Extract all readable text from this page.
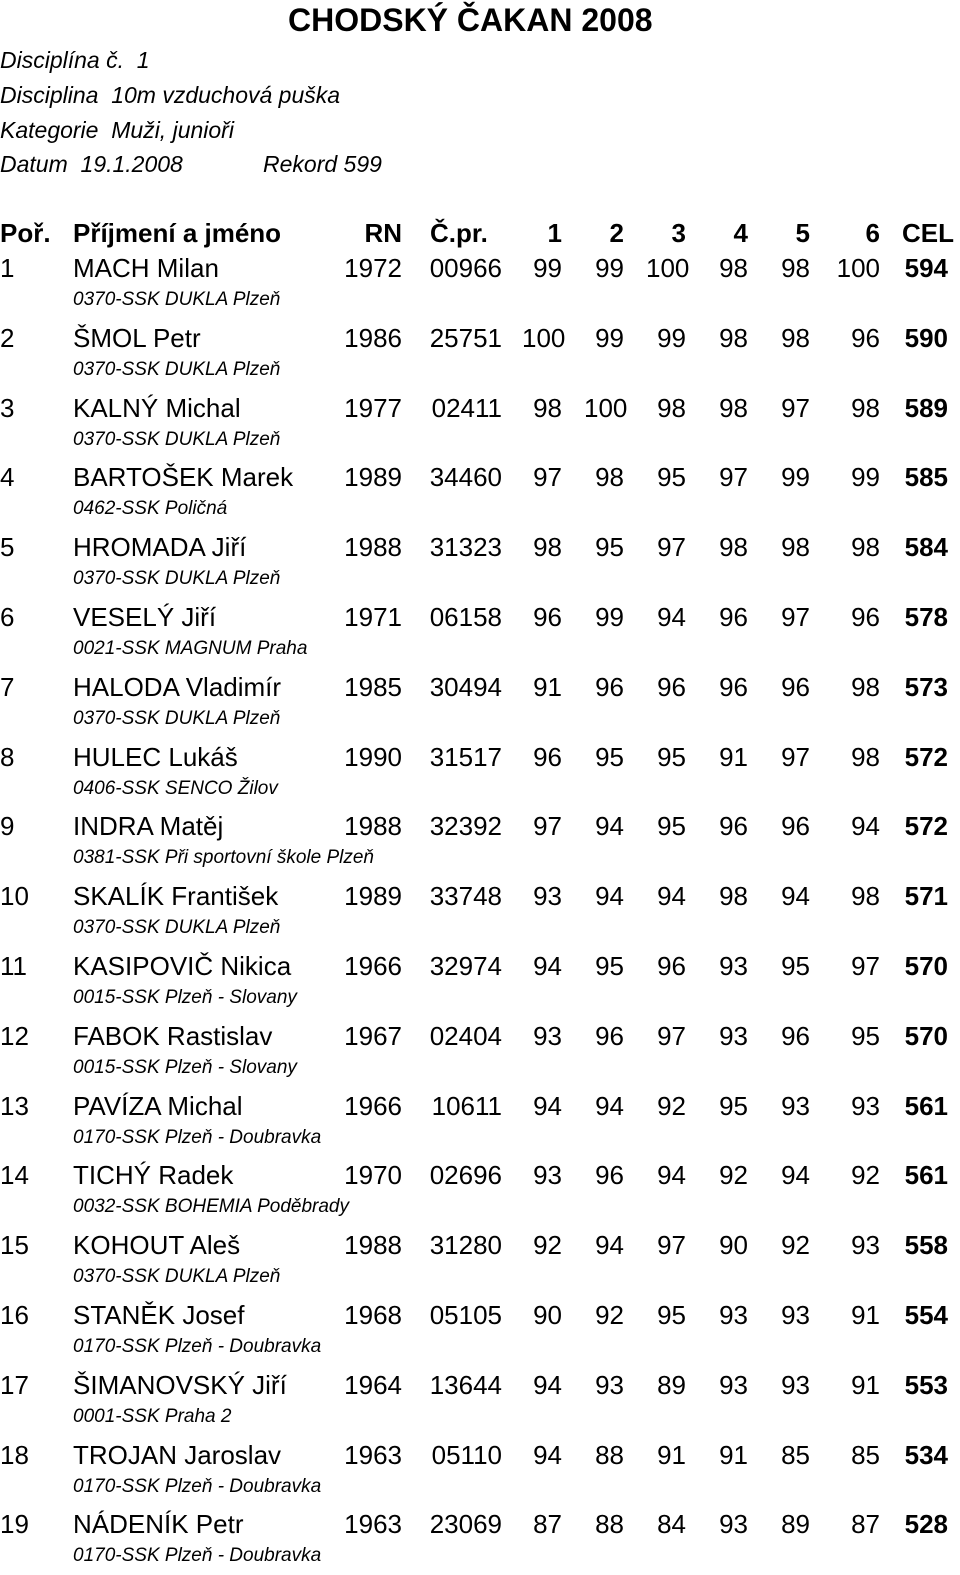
CHODSKÝ ČAKAN 2008
Disciplína č.  1
Disciplina  10m vzduchová puška
Kategorie  Muži, junioři
Datum  19.1.2008	Rekord 599
Poř. Příjmení a jméno	RN Č.pr.	1	2	3	4	5	6 CEL
1 MACH Milan	1972 00966	99	99 100	98	98 100 594
0370-SSK DUKLA Plzeň
2 ŠMOL Petr	1986 25751 100	99	99	98	98	96 590
0370-SSK DUKLA Plzeň
3 KALNÝ Michal	1977 02411	98 100	98	98	97	98 589
0370-SSK DUKLA Plzeň
4 BARTOŠEK Marek 1989 34460	97	98	95	97	99	99 585
0462-SSK Poličná
5 HROMADA Jiří	1988 31323	98	95	97	98	98	98 584
0370-SSK DUKLA Plzeň
6 VESELÝ Jiří	1971 06158	96	99	94	96	97	96 578
0021-SSK MAGNUM Praha
7 HALODA Vladimír 1985 30494	91	96	96	96	96	98 573
0370-SSK DUKLA Plzeň
8 HULEC Lukáš	1990 31517	96	95	95	91	97	98 572
0406-SSK SENCO Žilov
9 INDRA Matěj	1988 32392	97	94	95	96	96	94 572
0381-SSK Při sportovní škole Plzeň
10 SKALÍK František	1989 33748	93	94	94	98	94	98 571
0370-SSK DUKLA Plzeň
11 KASIPOVIČ Nikica 1966 32974	94	95	96	93	95	97 570
0015-SSK Plzeň - Slovany
12 FABOK Rastislav	1967 02404	93	96	97	93	96	95 570
0015-SSK Plzeň - Slovany
13 PAVÍZA Michal	1966 10611	94	94	92	95	93	93 561
0170-SSK Plzeň - Doubravka
14 TICHÝ Radek	1970 02696	93	96	94	92	94	92 561
0032-SSK BOHEMIA Poděbrady
15 KOHOUT Aleš	1988 31280	92	94	97	90	92	93 558
0370-SSK DUKLA Plzeň
16 STANĚK Josef	1968 05105	90	92	95	93	93	91 554
0170-SSK Plzeň - Doubravka
17 ŠIMANOVSKÝ Jiří 1964 13644	94	93	89	93	93	91 553
0001-SSK Praha 2
18 TROJAN Jaroslav 1963 05110	94	88	91	91	85	85 534
0170-SSK Plzeň - Doubravka
19 NÁDENÍK Petr	1963 23069	87	88	84	93	89	87 528
0170-SSK Plzeň - Doubravka
